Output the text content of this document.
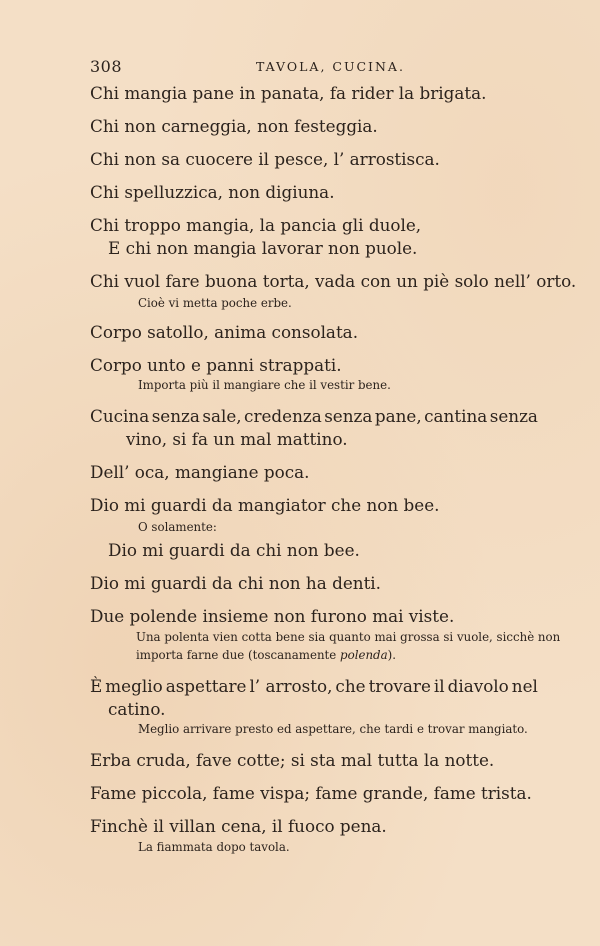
308	TAVOLA, CUCINA.
Chi mangia pane in panata, fa rider la brigata.
Chi non carneggia, non festeggia.
Chi non sa cuocere il pesce, l’ arrostisca.
Chi spelluzzica, non digiuna.
Chi troppo mangia, la pancia gli duole,
E chi non mangia lavorar non puole.
Chi vuol fare buona torta, vada con un piè solo nell’ orto.
Cioè vi metta poche erbe.
Corpo satollo, anima consolata.
Corpo unto e panni strappati.
Importa più il mangiare che il vestir bene.
Cucina senza sale, credenza senza pane, cantina senza
vino, si fa un mal mattino.
Dell’ oca, mangiane poca.
Dio mi guardi da mangiator che non bee.
O solamente:
Dio mi guardi da chi non bee.
Dio mi guardi da chi non ha denti.
Due polende insieme non furono mai viste.
Una polenta vien cotta bene sia quanto mai grossa si vuole, sicchè non
importa farne due (toscanamente polenda).
È meglio aspettare l’ arrosto, che trovare il diavolo nel
catino.
Meglio arrivare presto ed aspettare, che tardi e trovar mangiato.
Erba cruda, fave cotte; si sta mal tutta la notte.
Fame piccola, fame vispa; fame grande, fame trista.
Finchè il villan cena, il fuoco pena.
La fiammata dopo tavola.
